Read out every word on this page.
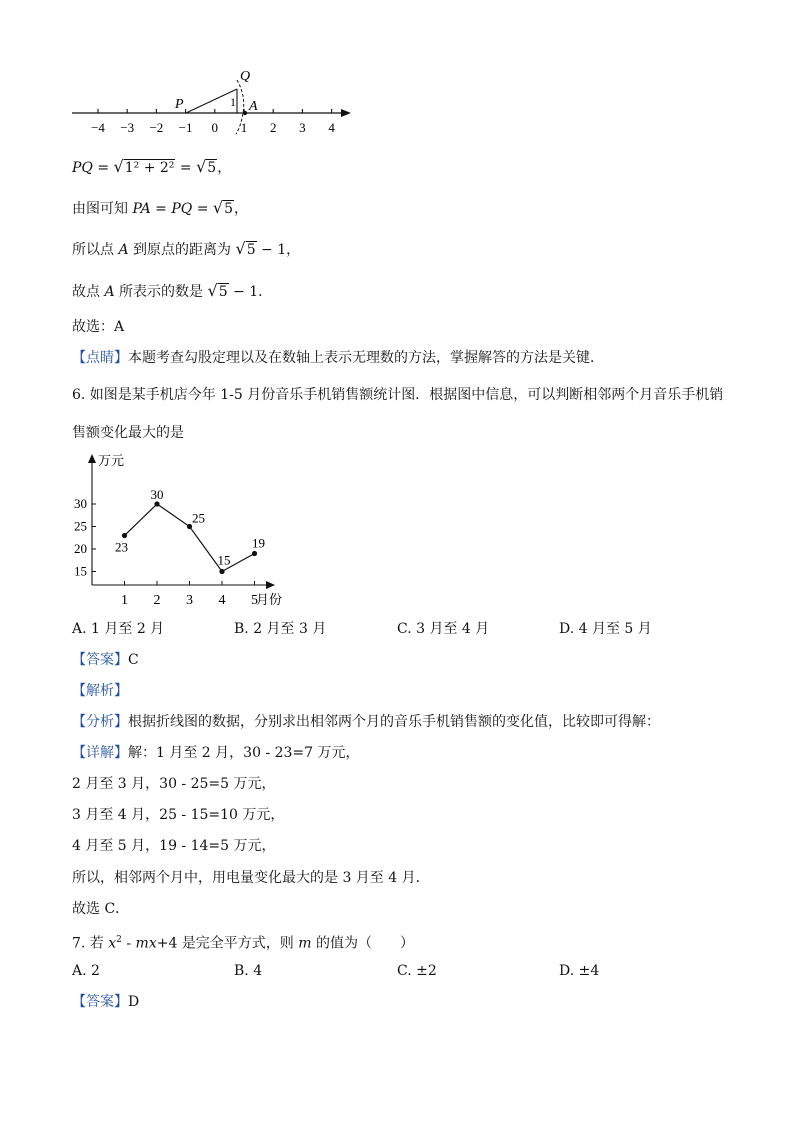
−4 −3 −2 −1 0 1 2 3 4
P
Q
A
1
PQ = √1² + 2² = √5，
由图可知 PA = PQ = √5，
所以点 A 到原点的距离为 √5 − 1，
故点 A 所表示的数是 √5 − 1．
故选：A
【点睛】本题考查勾股定理以及在数轴上表示无理数的方法，掌握解答的方法是关键．
6. 如图是某手机店今年 1-5 月份音乐手机销售额统计图．根据图中信息，可以判断相邻两个月音乐手机销
售额变化最大的是
万元
月份
15
20
25
30
1 2 3 4 5
23
30
25
15
19
A. 1 月至 2 月	B. 2 月至 3 月	C. 3 月至 4 月	D. 4 月至 5 月
【答案】C
【解析】
【分析】根据折线图的数据，分别求出相邻两个月的音乐手机销售额的变化值，比较即可得解：
【详解】解：1 月至 2 月，30 - 23=7 万元，
2 月至 3 月，30 - 25=5 万元，
3 月至 4 月，25 - 15=10 万元，
4 月至 5 月，19 - 14=5 万元，
所以，相邻两个月中，用电量变化最大的是 3 月至 4 月．
故选 C．
7. 若 $x^2 - mx+4$ 是完全平方式，则 m 的值为（　　）
A. 2	B. 4	C. ±2	D. ±4
【答案】D
